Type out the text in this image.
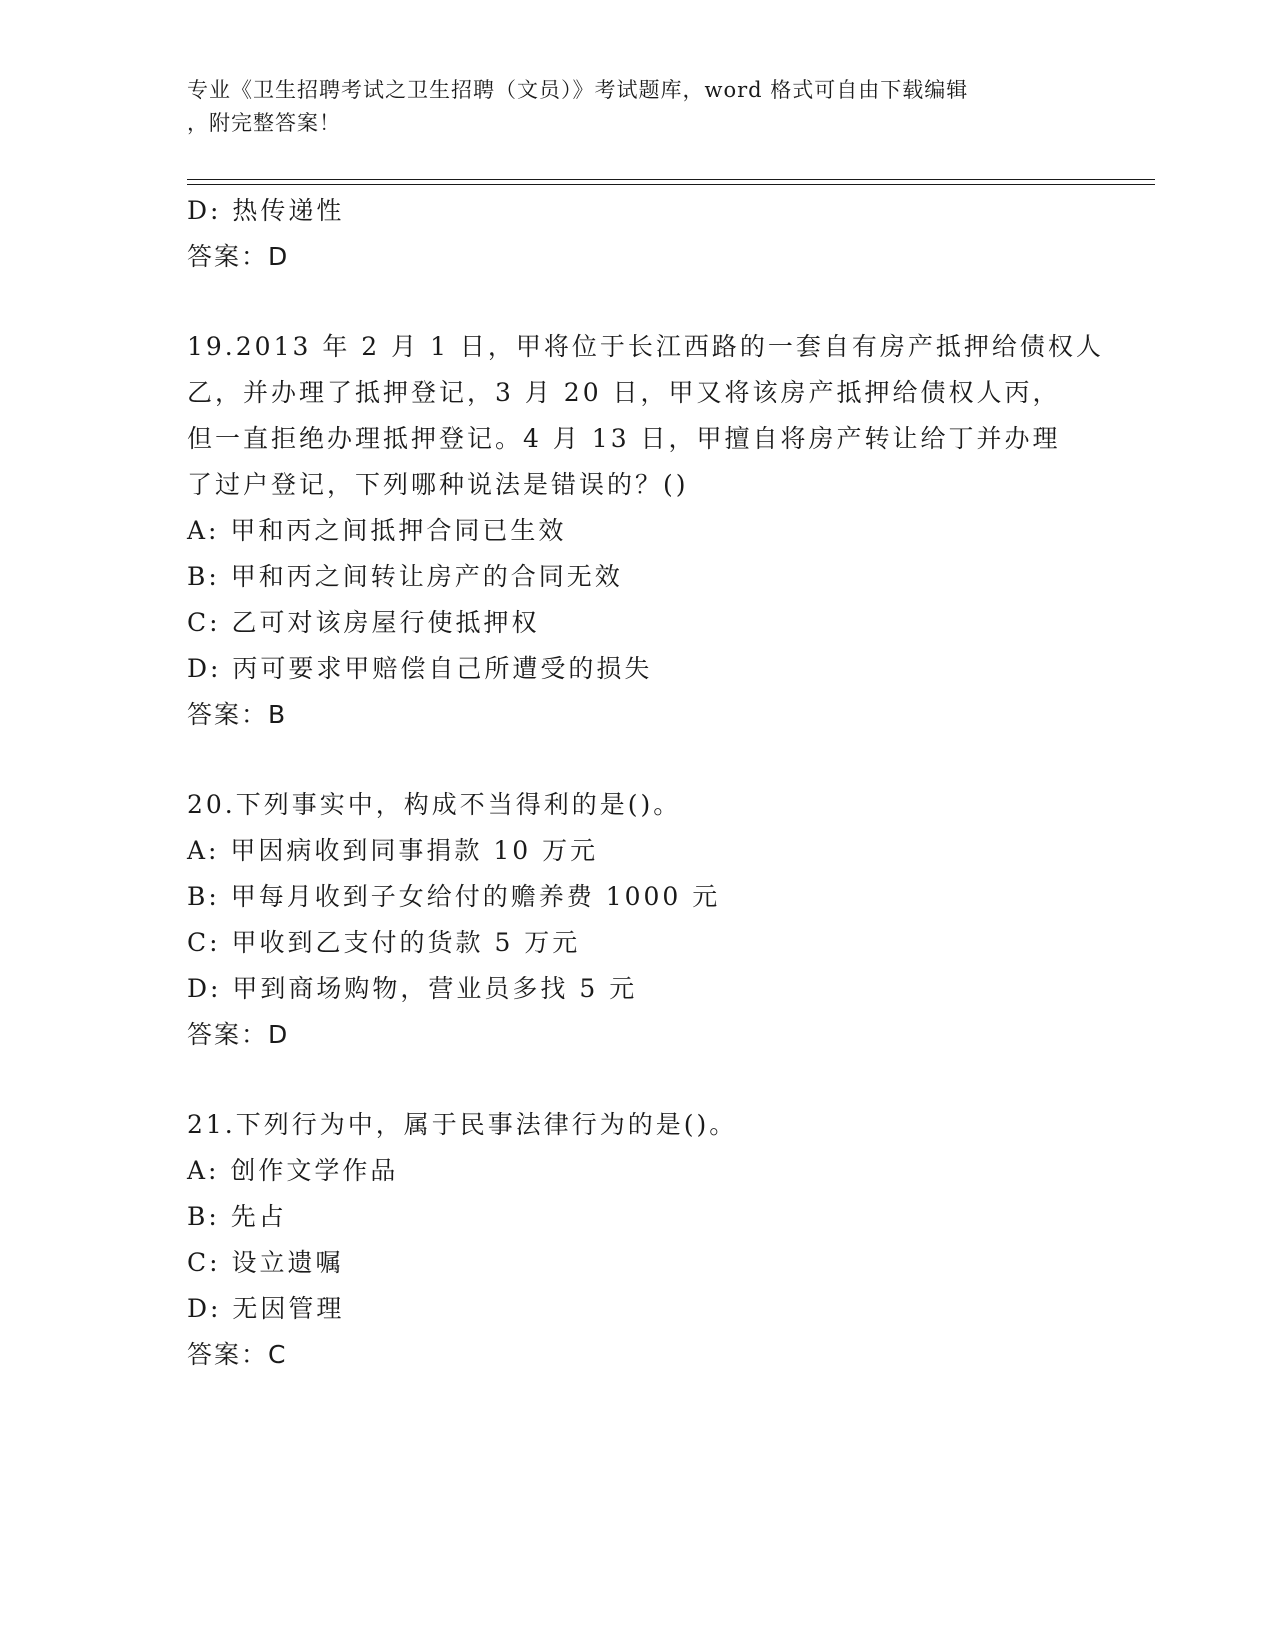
专业《卫生招聘考试之卫生招聘（文员）》考试题库，word 格式可自由下载编辑
，附完整答案！
D: 热传递性
答案：D
19.2013 年 2 月 1 日，甲将位于长江西路的一套自有房产抵押给债权人
乙，并办理了抵押登记，3 月 20 日，甲又将该房产抵押给债权人丙，
但一直拒绝办理抵押登记。4 月 13 日，甲擅自将房产转让给丁并办理
了过户登记，下列哪种说法是错误的？()
A: 甲和丙之间抵押合同已生效
B: 甲和丙之间转让房产的合同无效
C: 乙可对该房屋行使抵押权
D: 丙可要求甲赔偿自己所遭受的损失
答案：B
20.下列事实中，构成不当得利的是()。
A: 甲因病收到同事捐款 10 万元
B: 甲每月收到子女给付的赡养费 1000 元
C: 甲收到乙支付的货款 5 万元
D: 甲到商场购物，营业员多找 5 元
答案：D
21.下列行为中，属于民事法律行为的是()。
A: 创作文学作品
B: 先占
C: 设立遗嘱
D: 无因管理
答案：C
